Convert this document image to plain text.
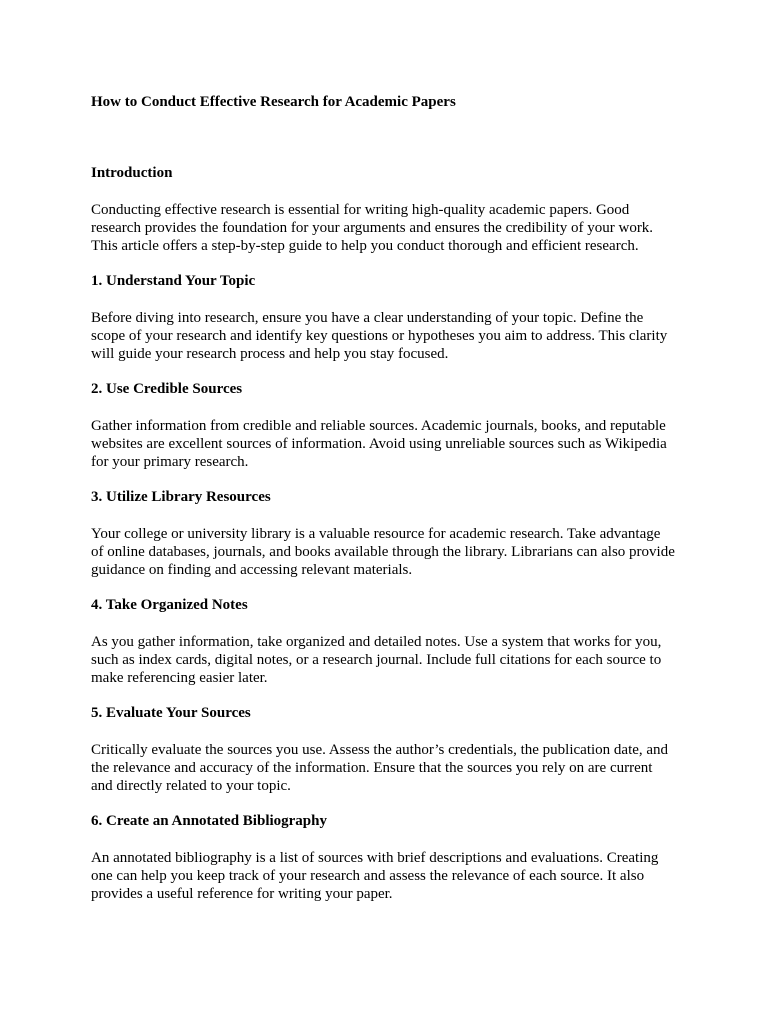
How to Conduct Effective Research for Academic Papers
Introduction

Conducting effective research is essential for writing high-quality academic papers. Good
research provides the foundation for your arguments and ensures the credibility of your work.
This article offers a step-by-step guide to help you conduct thorough and efficient research.

1. Understand Your Topic

Before diving into research, ensure you have a clear understanding of your topic. Define the
scope of your research and identify key questions or hypotheses you aim to address. This clarity
will guide your research process and help you stay focused.

2. Use Credible Sources

Gather information from credible and reliable sources. Academic journals, books, and reputable
websites are excellent sources of information. Avoid using unreliable sources such as Wikipedia
for your primary research.

3. Utilize Library Resources

Your college or university library is a valuable resource for academic research. Take advantage
of online databases, journals, and books available through the library. Librarians can also provide
guidance on finding and accessing relevant materials.

4. Take Organized Notes

As you gather information, take organized and detailed notes. Use a system that works for you,
such as index cards, digital notes, or a research journal. Include full citations for each source to
make referencing easier later.

5. Evaluate Your Sources

Critically evaluate the sources you use. Assess the author’s credentials, the publication date, and
the relevance and accuracy of the information. Ensure that the sources you rely on are current
and directly related to your topic.

6. Create an Annotated Bibliography

An annotated bibliography is a list of sources with brief descriptions and evaluations. Creating
one can help you keep track of your research and assess the relevance of each source. It also
provides a useful reference for writing your paper.
